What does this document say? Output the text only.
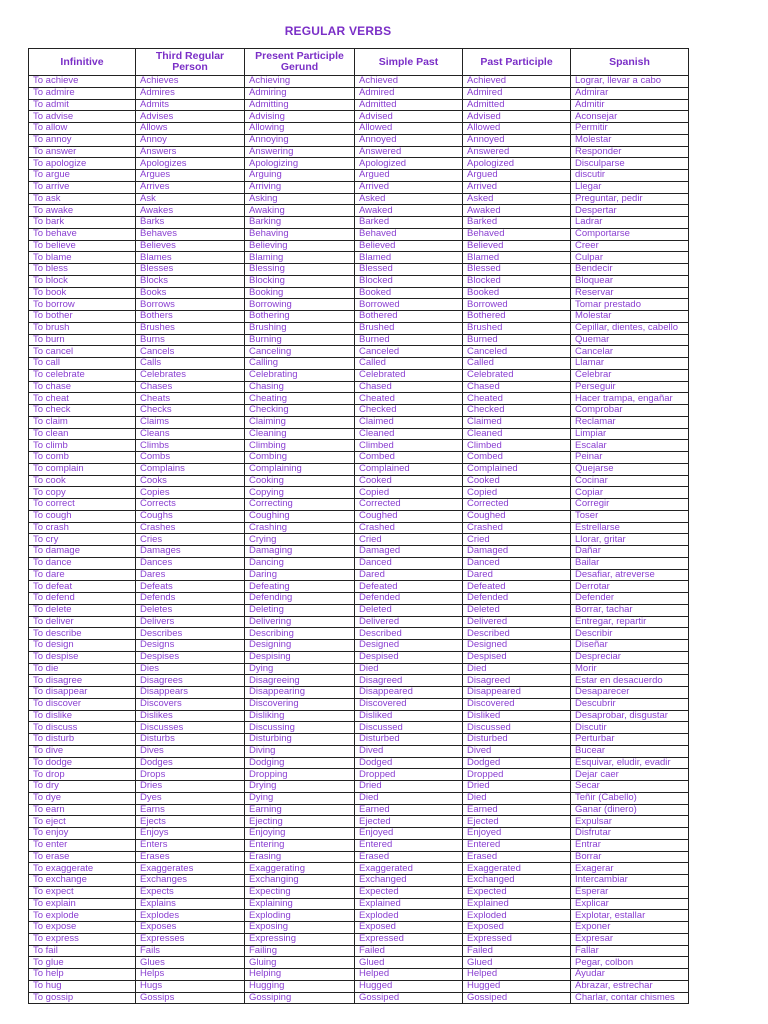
REGULAR VERBS
Infinitive	Third Regular Person	Present Participle Gerund	Simple Past	Past Participle	Spanish
To achieve	Achieves	Achieving	Achieved	Achieved	Lograr, llevar a cabo
To admire	Admires	Admiring	Admired	Admired	Admirar
To admit	Admits	Admitting	Admitted	Admitted	Admitir
To advise	Advises	Advising	Advised	Advised	Aconsejar
To allow	Allows	Allowing	Allowed	Allowed	Permitir
To annoy	Annoy	Annoying	Annoyed	Annoyed	Molestar
To answer	Answers	Answering	Answered	Answered	Responder
To apologize	Apologizes	Apologizing	Apologized	Apologized	Disculparse
To argue	Argues	Arguing	Argued	Argued	discutir
To arrive	Arrives	Arriving	Arrived	Arrived	Llegar
To ask	Ask	Asking	Asked	Asked	Preguntar, pedir
To awake	Awakes	Awaking	Awaked	Awaked	Despertar
To bark	Barks	Barking	Barked	Barked	Ladrar
To behave	Behaves	Behaving	Behaved	Behaved	Comportarse
To believe	Believes	Believing	Believed	Believed	Creer
To blame	Blames	Blaming	Blamed	Blamed	Culpar
To bless	Blesses	Blessing	Blessed	Blessed	Bendecir
To block	Blocks	Blocking	Blocked	Blocked	Bloquear
To book	Books	Booking	Booked	Booked	Reservar
To borrow	Borrows	Borrowing	Borrowed	Borrowed	Tomar prestado
To bother	Bothers	Bothering	Bothered	Bothered	Molestar
To brush	Brushes	Brushing	Brushed	Brushed	Cepillar, dientes, cabello
To burn	Burns	Burning	Burned	Burned	Quemar
To cancel	Cancels	Canceling	Canceled	Canceled	Cancelar
To call	Calls	Calling	Called	Called	Llamar
To celebrate	Celebrates	Celebrating	Celebrated	Celebrated	Celebrar
To chase	Chases	Chasing	Chased	Chased	Perseguir
To cheat	Cheats	Cheating	Cheated	Cheated	Hacer trampa, engañar
To check	Checks	Checking	Checked	Checked	Comprobar
To claim	Claims	Claiming	Claimed	Claimed	Reclamar
To clean	Cleans	Cleaning	Cleaned	Cleaned	Limpiar
To climb	Climbs	Climbing	Climbed	Climbed	Escalar
To comb	Combs	Combing	Combed	Combed	Peinar
To complain	Complains	Complaining	Complained	Complained	Quejarse
To cook	Cooks	Cooking	Cooked	Cooked	Cocinar
To copy	Copies	Copying	Copied	Copied	Copiar
To correct	Corrects	Correcting	Corrected	Corrected	Corregir
To cough	Coughs	Coughing	Coughed	Coughed	Toser
To crash	Crashes	Crashing	Crashed	Crashed	Estrellarse
To cry	Cries	Crying	Cried	Cried	Llorar, gritar
To damage	Damages	Damaging	Damaged	Damaged	Dañar
To dance	Dances	Dancing	Danced	Danced	Bailar
To dare	Dares	Daring	Dared	Dared	Desafiar, atreverse
To defeat	Defeats	Defeating	Defeated	Defeated	Derrotar
To defend	Defends	Defending	Defended	Defended	Defender
To delete	Deletes	Deleting	Deleted	Deleted	Borrar, tachar
To deliver	Delivers	Delivering	Delivered	Delivered	Entregar, repartir
To describe	Describes	Describing	Described	Described	Describir
To design	Designs	Designing	Designed	Designed	Diseñar
To despise	Despises	Despising	Despised	Despised	Despreciar
To die	Dies	Dying	Died	Died	Morir
To disagree	Disagrees	Disagreeing	Disagreed	Disagreed	Estar en desacuerdo
To disappear	Disappears	Disappearing	Disappeared	Disappeared	Desaparecer
To discover	Discovers	Discovering	Discovered	Discovered	Descubrir
To dislike	Dislikes	Disliking	Disliked	Disliked	Desaprobar, disgustar
To discuss	Discusses	Discussing	Discussed	Discussed	Discutir
To disturb	Disturbs	Disturbing	Disturbed	Disturbed	Perturbar
To dive	Dives	Diving	Dived	Dived	Bucear
To dodge	Dodges	Dodging	Dodged	Dodged	Esquivar, eludir, evadir
To drop	Drops	Dropping	Dropped	Dropped	Dejar caer
To dry	Dries	Drying	Dried	Dried	Secar
To dye	Dyes	Dying	Died	Died	Teñir (Cabello)
To earn	Earns	Earning	Earned	Earned	Ganar (dinero)
To eject	Ejects	Ejecting	Ejected	Ejected	Expulsar
To enjoy	Enjoys	Enjoying	Enjoyed	Enjoyed	Disfrutar
To enter	Enters	Entering	Entered	Entered	Entrar
To erase	Erases	Erasing	Erased	Erased	Borrar
To exaggerate	Exaggerates	Exaggerating	Exaggerated	Exaggerated	Exagerar
To exchange	Exchanges	Exchanging	Exchanged	Exchanged	Intercambiar
To expect	Expects	Expecting	Expected	Expected	Esperar
To explain	Explains	Explaining	Explained	Explained	Explicar
To explode	Explodes	Exploding	Exploded	Exploded	Explotar, estallar
To expose	Exposes	Exposing	Exposed	Exposed	Exponer
To express	Expresses	Expressing	Expressed	Expressed	Expresar
To fail	Fails	Failing	Failed	Failed	Fallar
To glue	Glues	Gluing	Glued	Glued	Pegar, colbon
To help	Helps	Helping	Helped	Helped	Ayudar
To hug	Hugs	Hugging	Hugged	Hugged	Abrazar, estrechar
To gossip	Gossips	Gossiping	Gossiped	Gossiped	Charlar, contar chismes
